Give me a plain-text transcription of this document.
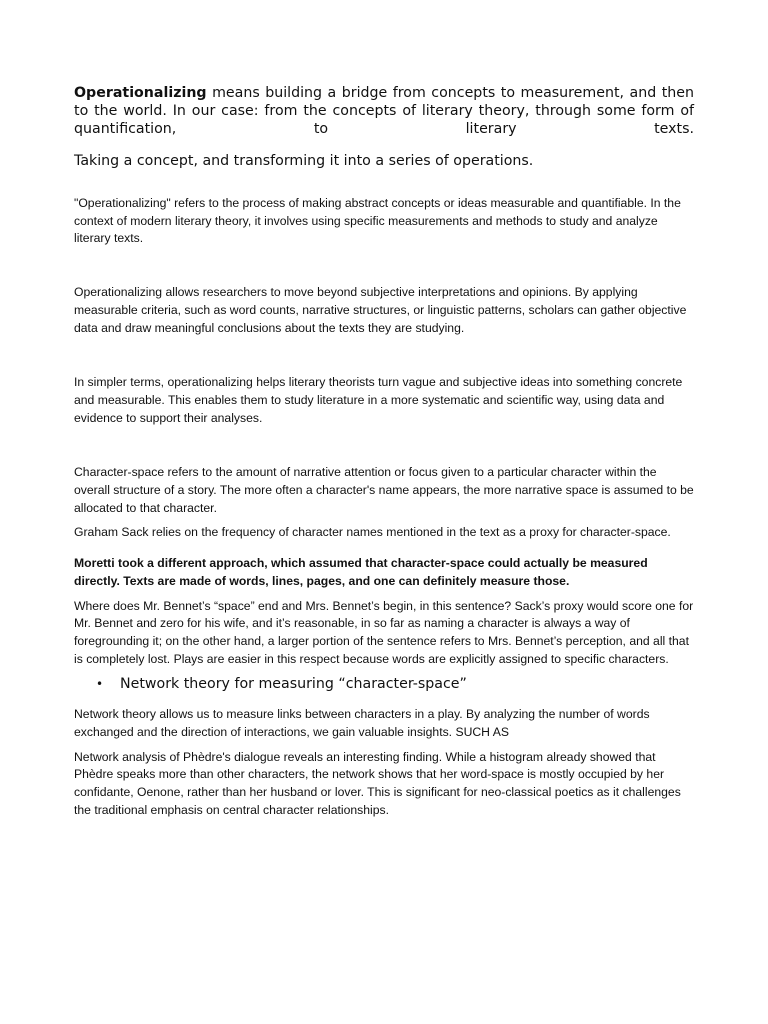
Operationalizing means building a bridge from concepts to measurement, and then to the world. In our case: from the concepts of literary theory, through some form of quantification, to literary texts.

Taking a concept, and transforming it into a series of operations.

"Operationalizing" refers to the process of making abstract concepts or ideas measurable and quantifiable. In the context of modern literary theory, it involves using specific measurements and methods to study and analyze literary texts.

Operationalizing allows researchers to move beyond subjective interpretations and opinions. By applying measurable criteria, such as word counts, narrative structures, or linguistic patterns, scholars can gather objective data and draw meaningful conclusions about the texts they are studying.

In simpler terms, operationalizing helps literary theorists turn vague and subjective ideas into something concrete and measurable. This enables them to study literature in a more systematic and scientific way, using data and evidence to support their analyses.

Character-space refers to the amount of narrative attention or focus given to a particular character within the overall structure of a story. The more often a character's name appears, the more narrative space is assumed to be allocated to that character.

Graham Sack relies on the frequency of character names mentioned in the text as a proxy for character-space.

Moretti took a different approach, which assumed that character-space could actually be measured directly. Texts are made of words, lines, pages, and one can definitely measure those.

Where does Mr. Bennet’s “space” end and Mrs. Bennet’s begin, in this sentence? Sack’s proxy would score one for Mr. Bennet and zero for his wife, and it’s reasonable, in so far as naming a character is always a way of foregrounding it; on the other hand, a larger portion of the sentence refers to Mrs. Bennet’s perception, and all that is completely lost. Plays are easier in this respect because words are explicitly assigned to specific characters.

•	Network theory for measuring “character-space”

Network theory allows us to measure links between characters in a play. By analyzing the number of words exchanged and the direction of interactions, we gain valuable insights. SUCH AS

Network analysis of Phèdre's dialogue reveals an interesting finding. While a histogram already showed that Phèdre speaks more than other characters, the network shows that her word-space is mostly occupied by her confidante, Oenone, rather than her husband or lover. This is significant for neo-classical poetics as it challenges the traditional emphasis on central character relationships.
